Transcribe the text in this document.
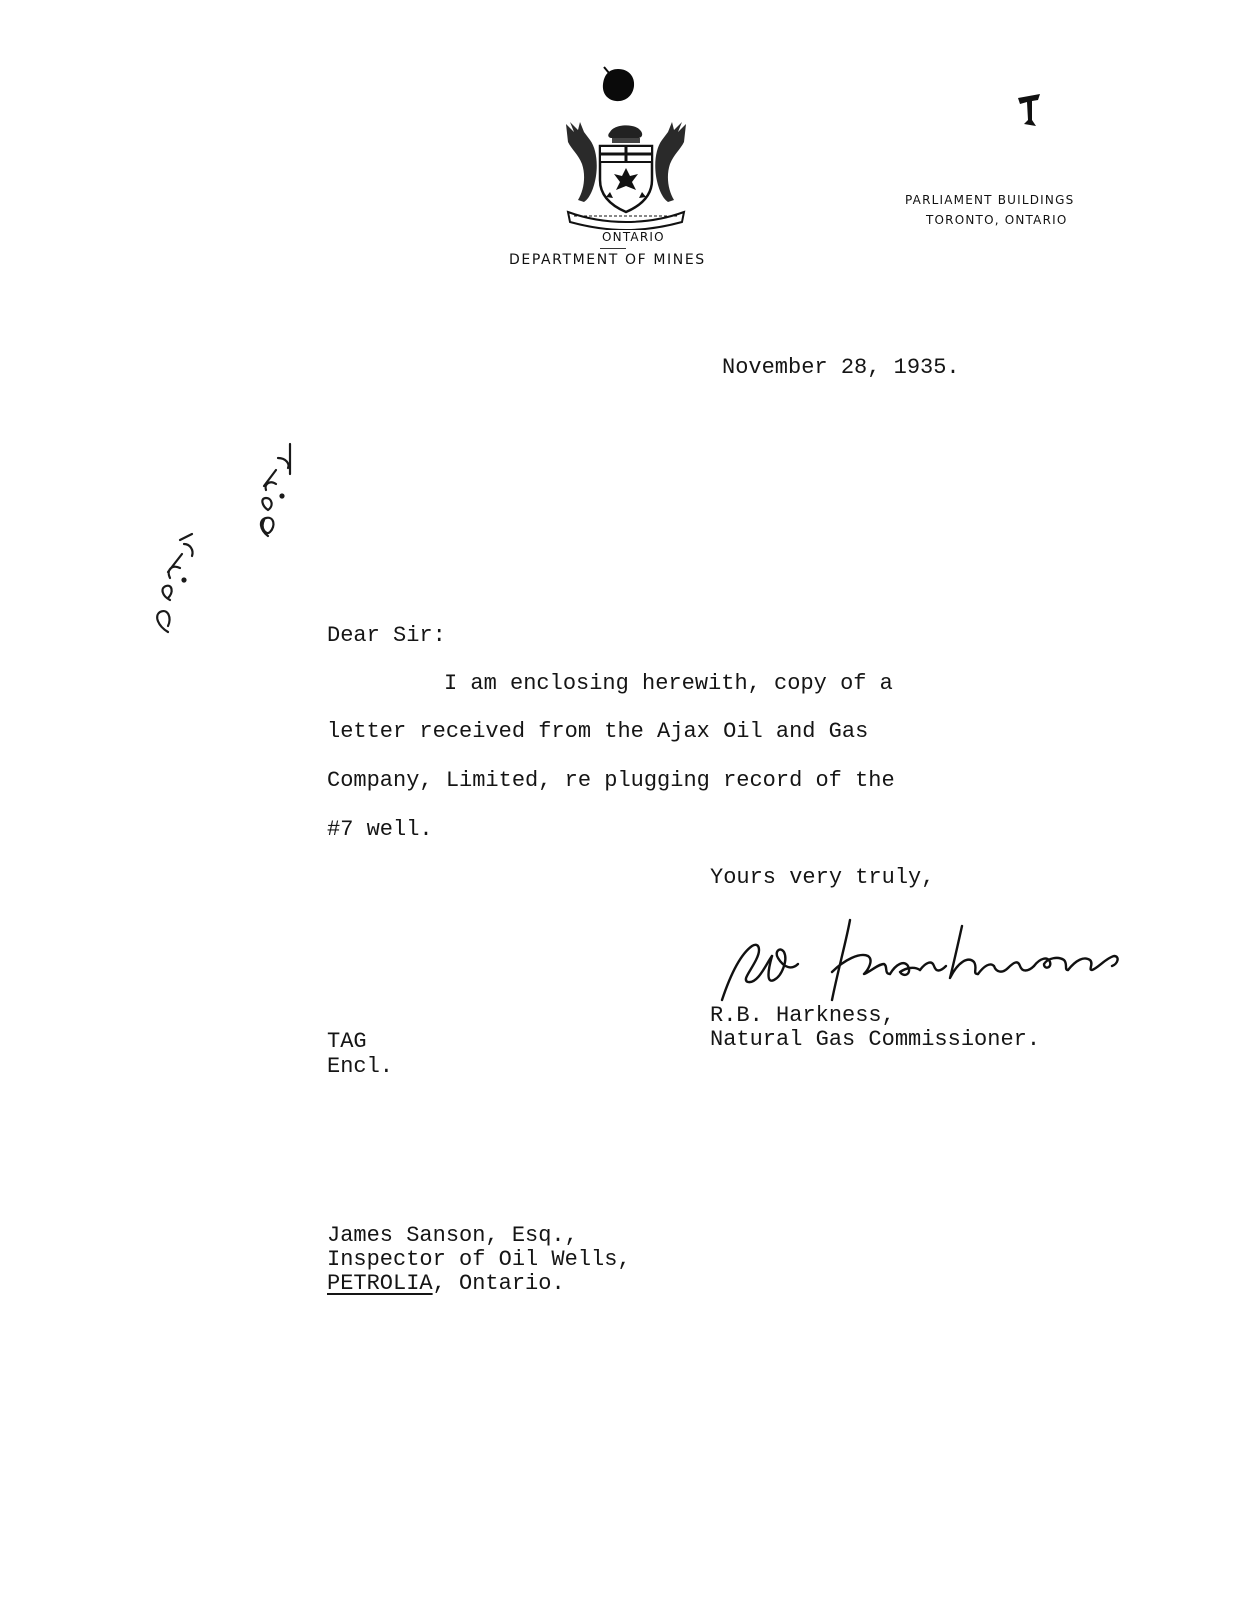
ONTARIO
DEPARTMENT OF MINES
PARLIAMENT BUILDINGS
TORONTO, ONTARIO
November 28, 1935.
Dear Sir:
I am enclosing herewith, copy of a
letter received from the Ajax Oil and Gas
Company, Limited, re plugging record of the
#7 well.
Yours very truly,
R.B. Harkness,
Natural Gas Commissioner.
TAG
Encl.
James Sanson, Esq.,
Inspector of Oil Wells,
PETROLIA, Ontario.
